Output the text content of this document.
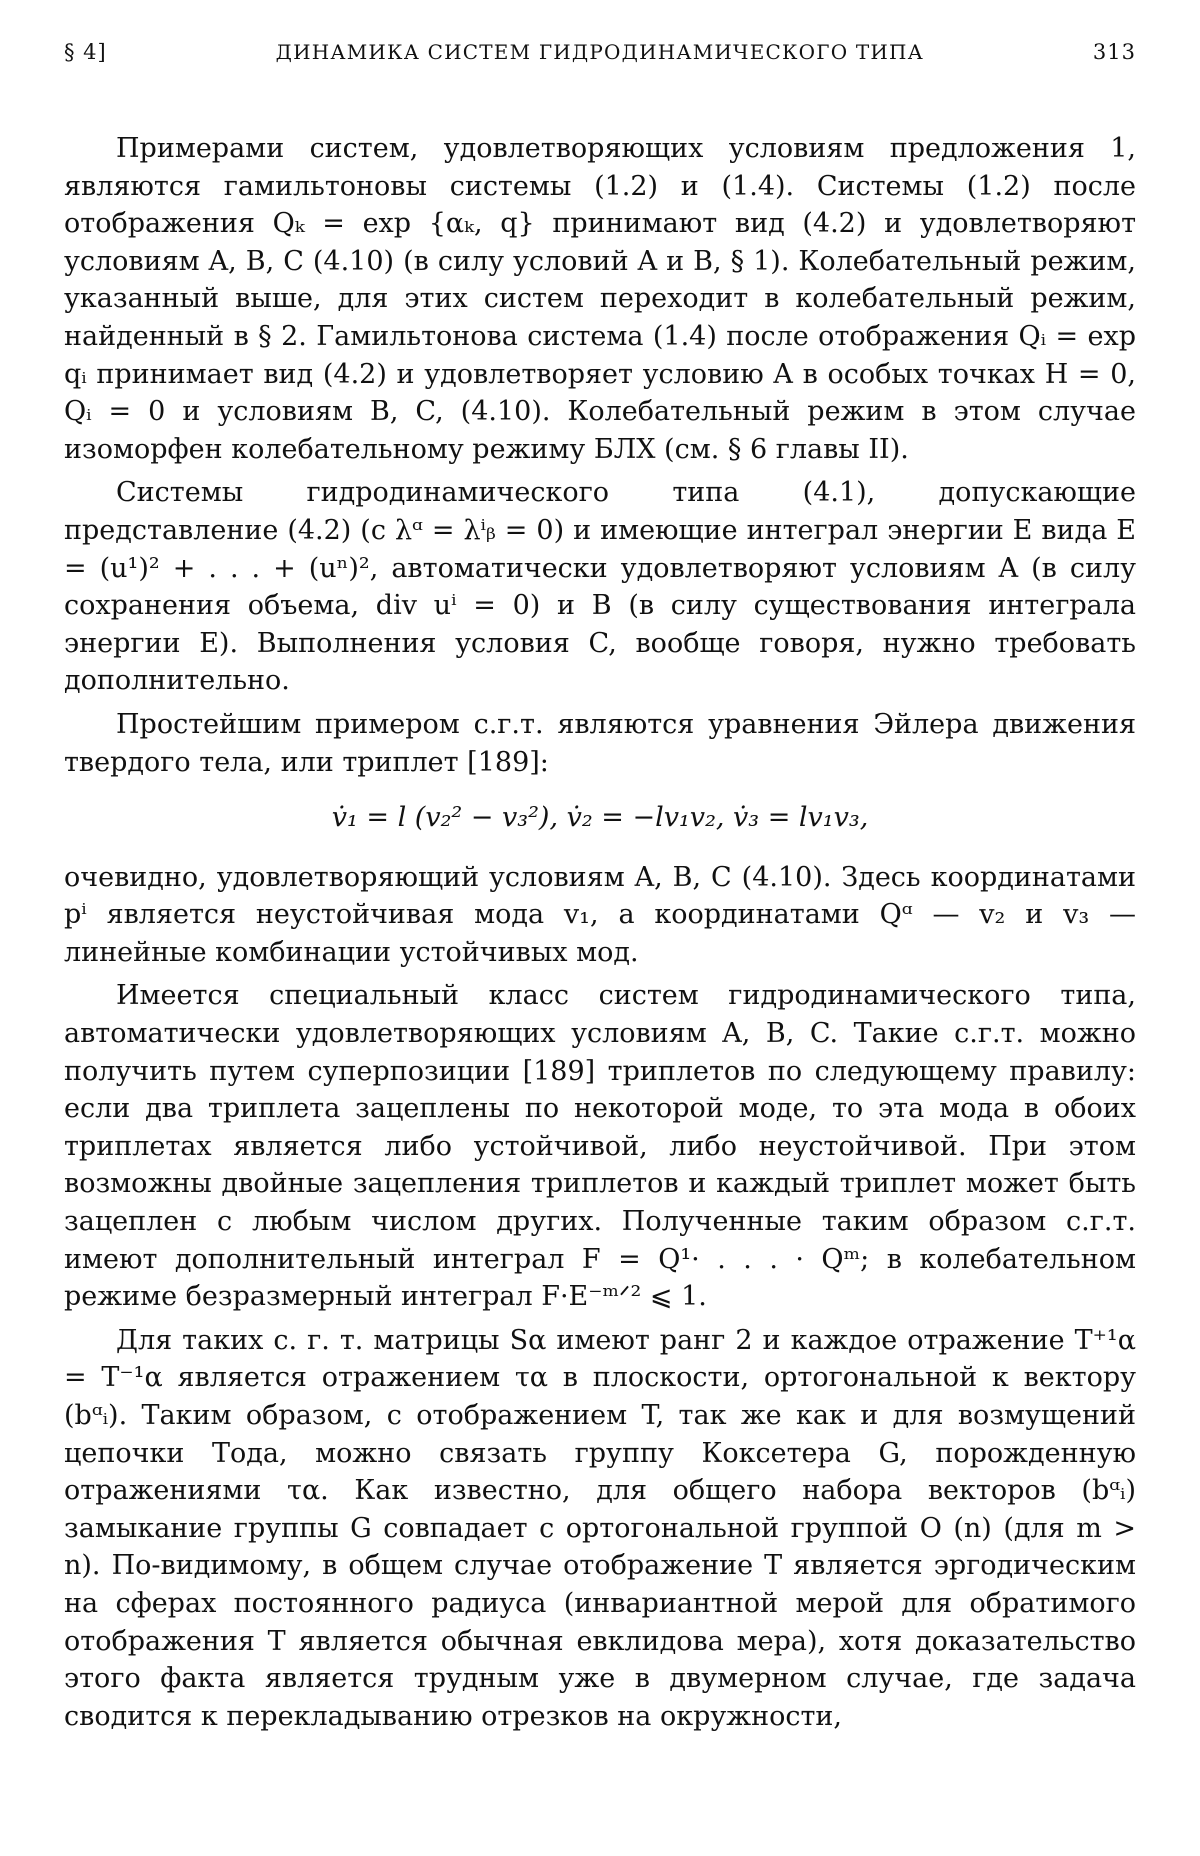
§ 4]	ДИНАМИКА СИСТЕМ ГИДРОДИНАМИЧЕСКОГО ТИПА	313

Примерами систем, удовлетворяющих условиям предложения 1, являются гамильтоновы системы (1.2) и (1.4). Системы (1.2) после отображения Qₖ = exp {αₖ, q} принимают вид (4.2) и удовлетворяют условиям A, B, C (4.10) (в силу условий A и B, § 1). Колебательный режим, указанный выше, для этих систем переходит в колебательный режим, найденный в § 2. Гамильтонова система (1.4) после отображения Qᵢ = exp qᵢ принимает вид (4.2) и удовлетворяет условию A в особых точках H = 0, Qᵢ = 0 и условиям B, C, (4.10). Колебательный режим в этом случае изоморфен колебательному режиму БЛХ (см. § 6 главы II).

Системы гидродинамического типа (4.1), допускающие представление (4.2) (с λᵅ = λⁱᵦ = 0) и имеющие интеграл энергии E вида E = (u¹)² + . . . + (uⁿ)², автоматически удовлетворяют условиям A (в силу сохранения объема, div uⁱ = 0) и B (в силу существования интеграла энергии E). Выполнения условия C, вообще говоря, нужно требовать дополнительно.

Простейшим примером с.г.т. являются уравнения Эйлера движения твердого тела, или триплет [189]:

v̇₁ = l (v₂² − v₃²), v̇₂ = −lv₁v₂, v̇₃ = lv₁v₃,

очевидно, удовлетворяющий условиям A, B, C (4.10). Здесь координатами pⁱ является неустойчивая мода v₁, а координатами Qᵅ — v₂ и v₃ — линейные комбинации устойчивых мод.

Имеется специальный класс систем гидродинамического типа, автоматически удовлетворяющих условиям A, B, C. Такие с.г.т. можно получить путем суперпозиции [189] триплетов по следующему правилу: если два триплета зацеплены по некоторой моде, то эта мода в обоих триплетах является либо устойчивой, либо неустойчивой. При этом возможны двойные зацепления триплетов и каждый триплет может быть зацеплен с любым числом других. Полученные таким образом с.г.т. имеют дополнительный интеграл F = Q¹· . . . · Qᵐ; в колебательном режиме безразмерный интеграл F·E⁻ᵐᐟ² ⩽ 1.

Для таких с. г. т. матрицы Sα имеют ранг 2 и каждое отражение T⁺¹α = T⁻¹α является отражением τα в плоскости, ортогональной к вектору (bᵅᵢ). Таким образом, с отображением T, так же как и для возмущений цепочки Тода, можно связать группу Коксетера G, порожденную отражениями τα. Как известно, для общего набора векторов (bᵅᵢ) замыкание группы G совпадает с ортогональной группой O (n) (для m > n). По-видимому, в общем случае отображение T является эргодическим на сферах постоянного радиуса (инвариантной мерой для обратимого отображения T является обычная евклидова мера), хотя доказательство этого факта является трудным уже в двумерном случае, где задача сводится к перекладыванию отрезков на окружности,
